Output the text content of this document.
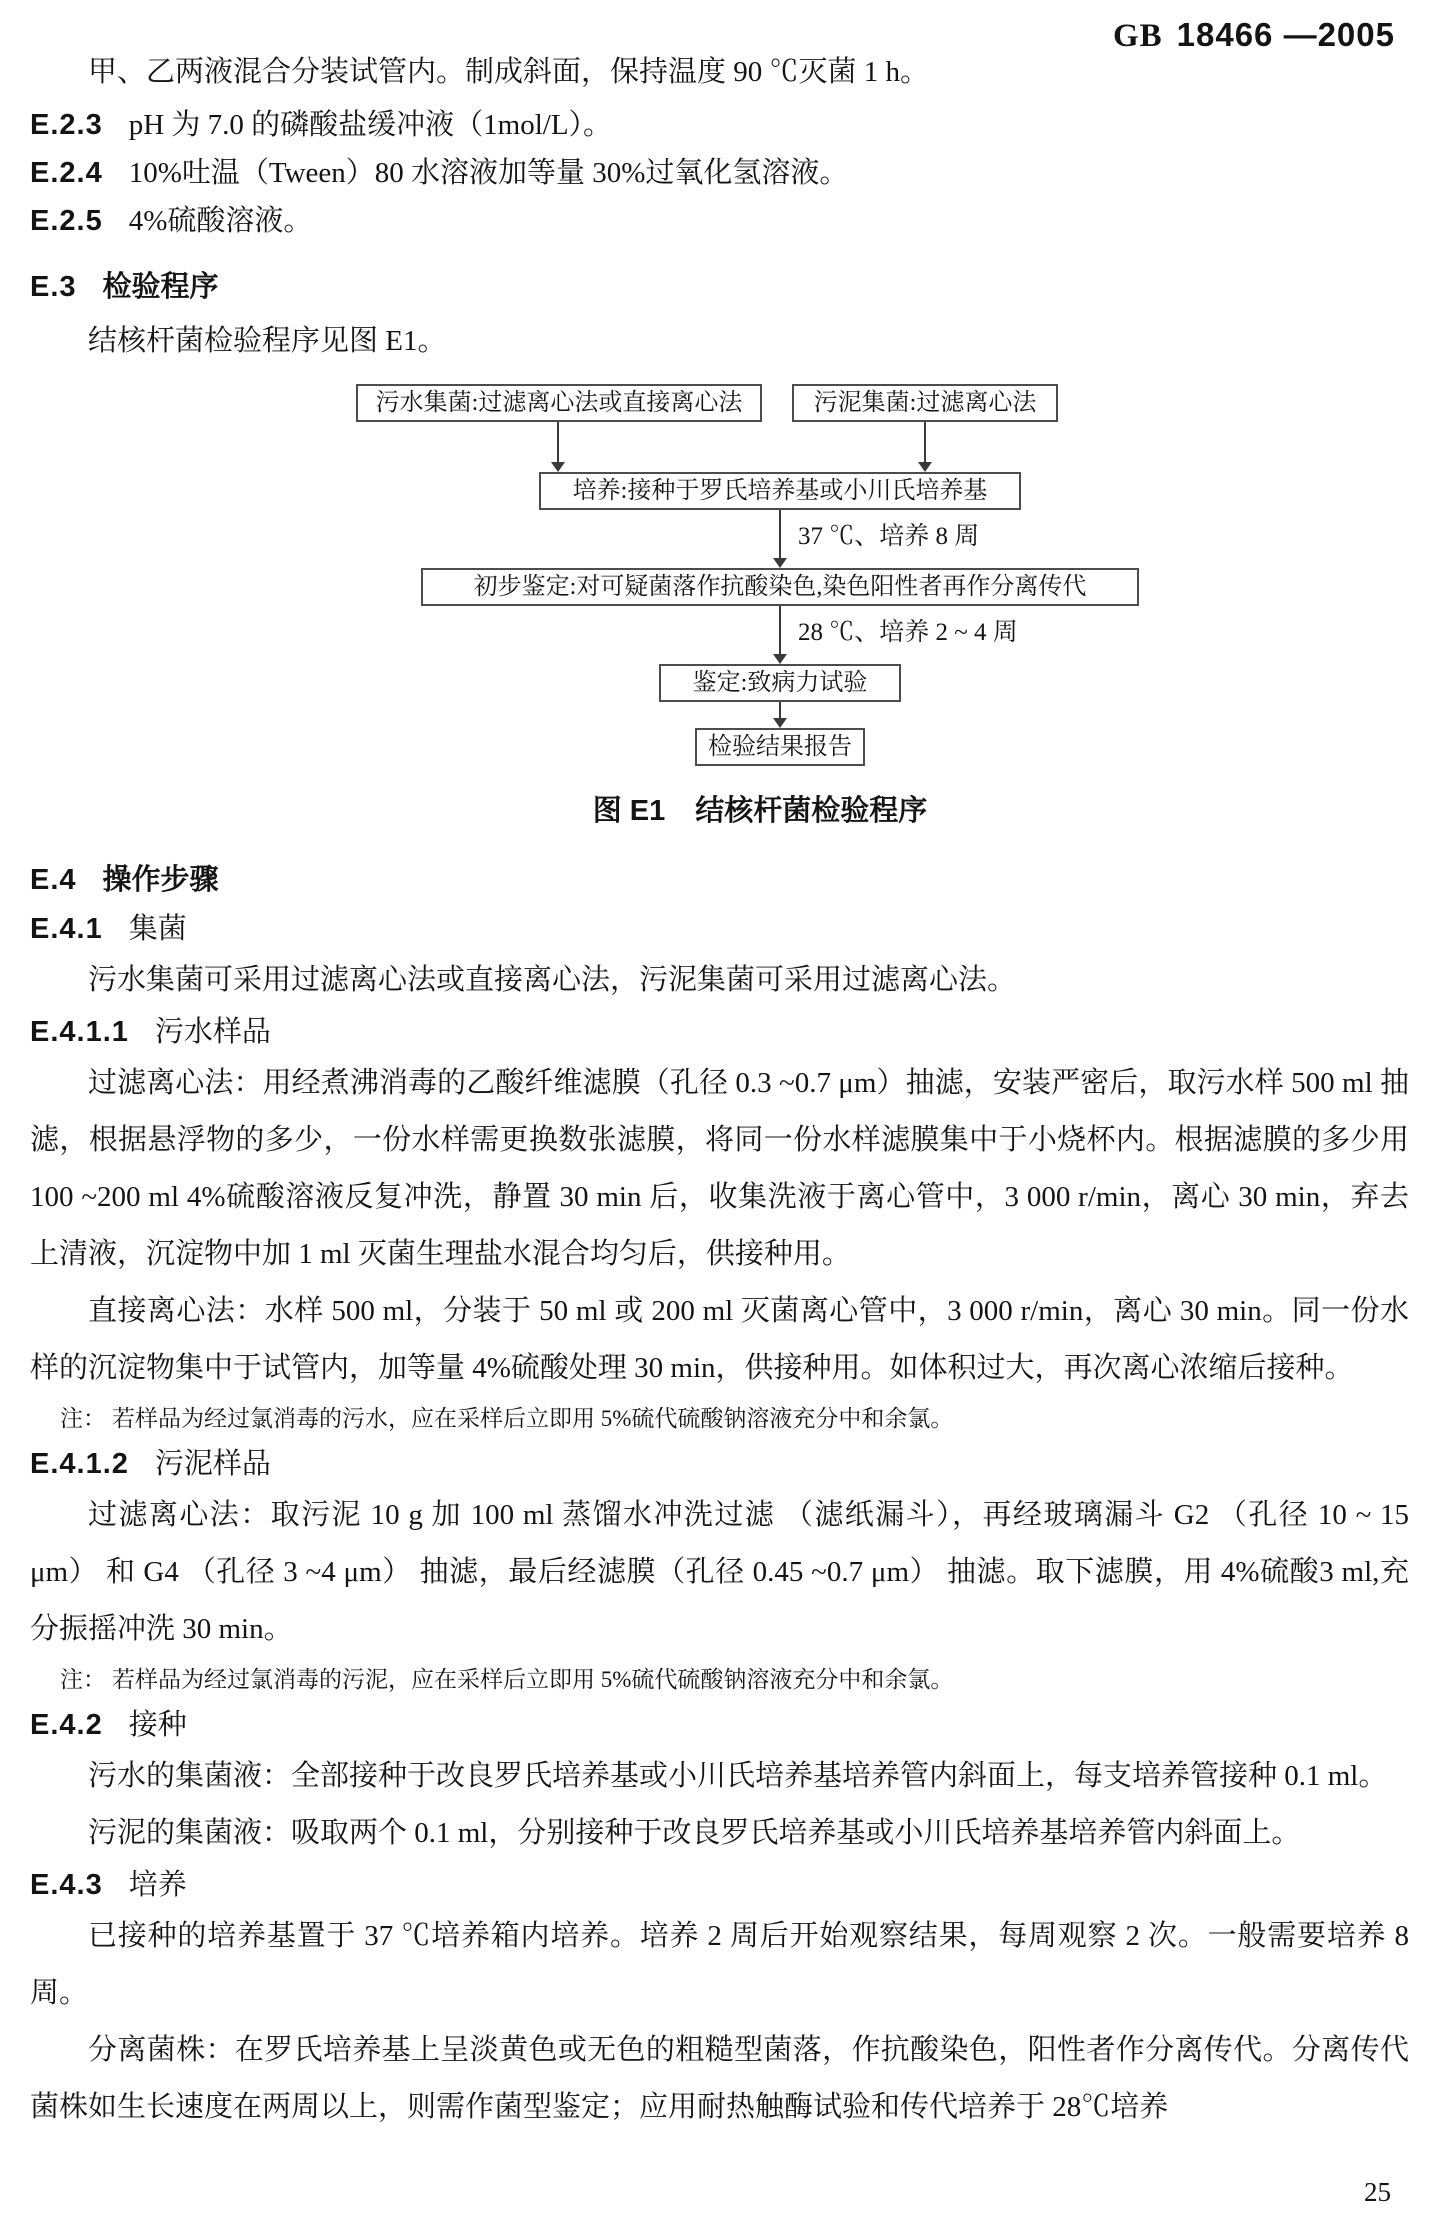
GB 18466 —2005

甲、乙两液混合分装试管内。制成斜面，保持温度 90 ℃灭菌 1 h。

E.2.3 pH 为 7.0 的磷酸盐缓冲液（1mol/L）。

E.2.4 10%吐温（Tween）80 水溶液加等量 30%过氧化氢溶液。

E.2.5 4%硫酸溶液。

E.3 检验程序

结核杆菌检验程序见图 E1。

污水集菌:过滤离心法或直接离心法	污泥集菌:过滤离心法
培养:接种于罗氏培养基或小川氏培养基
37 ℃、培养 8 周
初步鉴定:对可疑菌落作抗酸染色,染色阳性者再作分离传代
28 ℃、培养 2 ~ 4 周
鉴定:致病力试验
检验结果报告
图 E1 结核杆菌检验程序

E.4 操作步骤

E.4.1 集菌

污水集菌可采用过滤离心法或直接离心法，污泥集菌可采用过滤离心法。

E.4.1.1 污水样品

过滤离心法：用经煮沸消毒的乙酸纤维滤膜（孔径 0.3 ~0.7 μm）抽滤，安装严密后，取污水样 500 ml 抽滤，根据悬浮物的多少，一份水样需更换数张滤膜，将同一份水样滤膜集中于小烧杯内。根据滤膜的多少用 100 ~200 ml 4%硫酸溶液反复冲洗，静置 30 min 后，收集洗液于离心管中，3 000 r/min，离心 30 min，弃去上清液，沉淀物中加 1 ml 灭菌生理盐水混合均匀后，供接种用。

直接离心法：水样 500 ml，分装于 50 ml 或 200 ml 灭菌离心管中，3 000 r/min，离心 30 min。同一份水样的沉淀物集中于试管内，加等量 4%硫酸处理 30 min，供接种用。如体积过大，再次离心浓缩后接种。

注： 若样品为经过氯消毒的污水，应在采样后立即用 5%硫代硫酸钠溶液充分中和余氯。

E.4.1.2 污泥样品

过滤离心法：取污泥 10 g 加 100 ml 蒸馏水冲洗过滤 （滤纸漏斗），再经玻璃漏斗 G2 （孔径 10 ~ 15 μm） 和 G4 （孔径 3 ~4 μm） 抽滤，最后经滤膜（孔径 0.45 ~0.7 μm） 抽滤。取下滤膜，用 4%硫酸3 ml,充分振摇冲洗 30 min。

注： 若样品为经过氯消毒的污泥，应在采样后立即用 5%硫代硫酸钠溶液充分中和余氯。

E.4.2 接种

污水的集菌液：全部接种于改良罗氏培养基或小川氏培养基培养管内斜面上，每支培养管接种 0.1 ml。

污泥的集菌液：吸取两个 0.1 ml，分别接种于改良罗氏培养基或小川氏培养基培养管内斜面上。

E.4.3 培养

已接种的培养基置于 37 ℃培养箱内培养。培养 2 周后开始观察结果，每周观察 2 次。一般需要培养 8 周。

分离菌株：在罗氏培养基上呈淡黄色或无色的粗糙型菌落，作抗酸染色，阳性者作分离传代。分离传代菌株如生长速度在两周以上，则需作菌型鉴定；应用耐热触酶试验和传代培养于 28℃培养

25
